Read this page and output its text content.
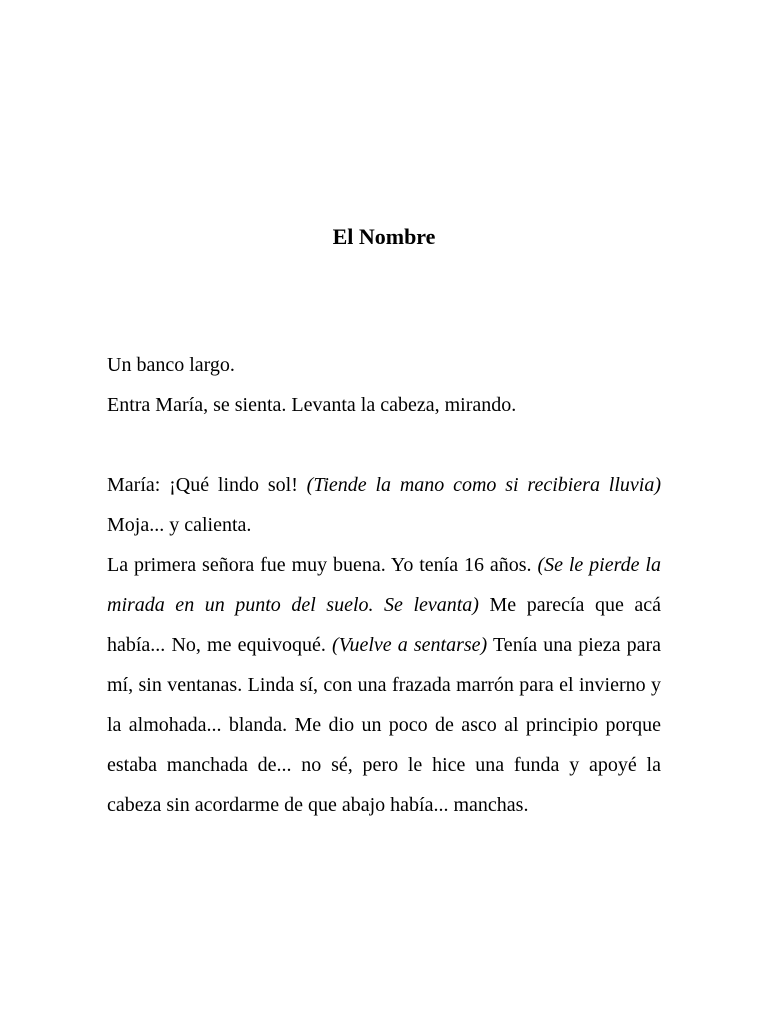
El Nombre
Un banco largo.
Entra María, se sienta. Levanta la cabeza, mirando.

María: ¡Qué lindo sol! (Tiende la mano como si recibiera lluvia) Moja... y calienta.

La primera señora fue muy buena. Yo tenía 16 años. (Se le pierde la mirada en un punto del suelo. Se levanta) Me parecía que acá había... No, me equivoqué. (Vuelve a sentarse) Tenía una pieza para mí, sin ventanas. Linda sí, con una frazada marrón para el invierno y la almohada... blanda. Me dio un poco de asco al principio porque estaba manchada de... no sé, pero le hice una funda y apoyé la cabeza sin acordarme de que abajo había... manchas.
